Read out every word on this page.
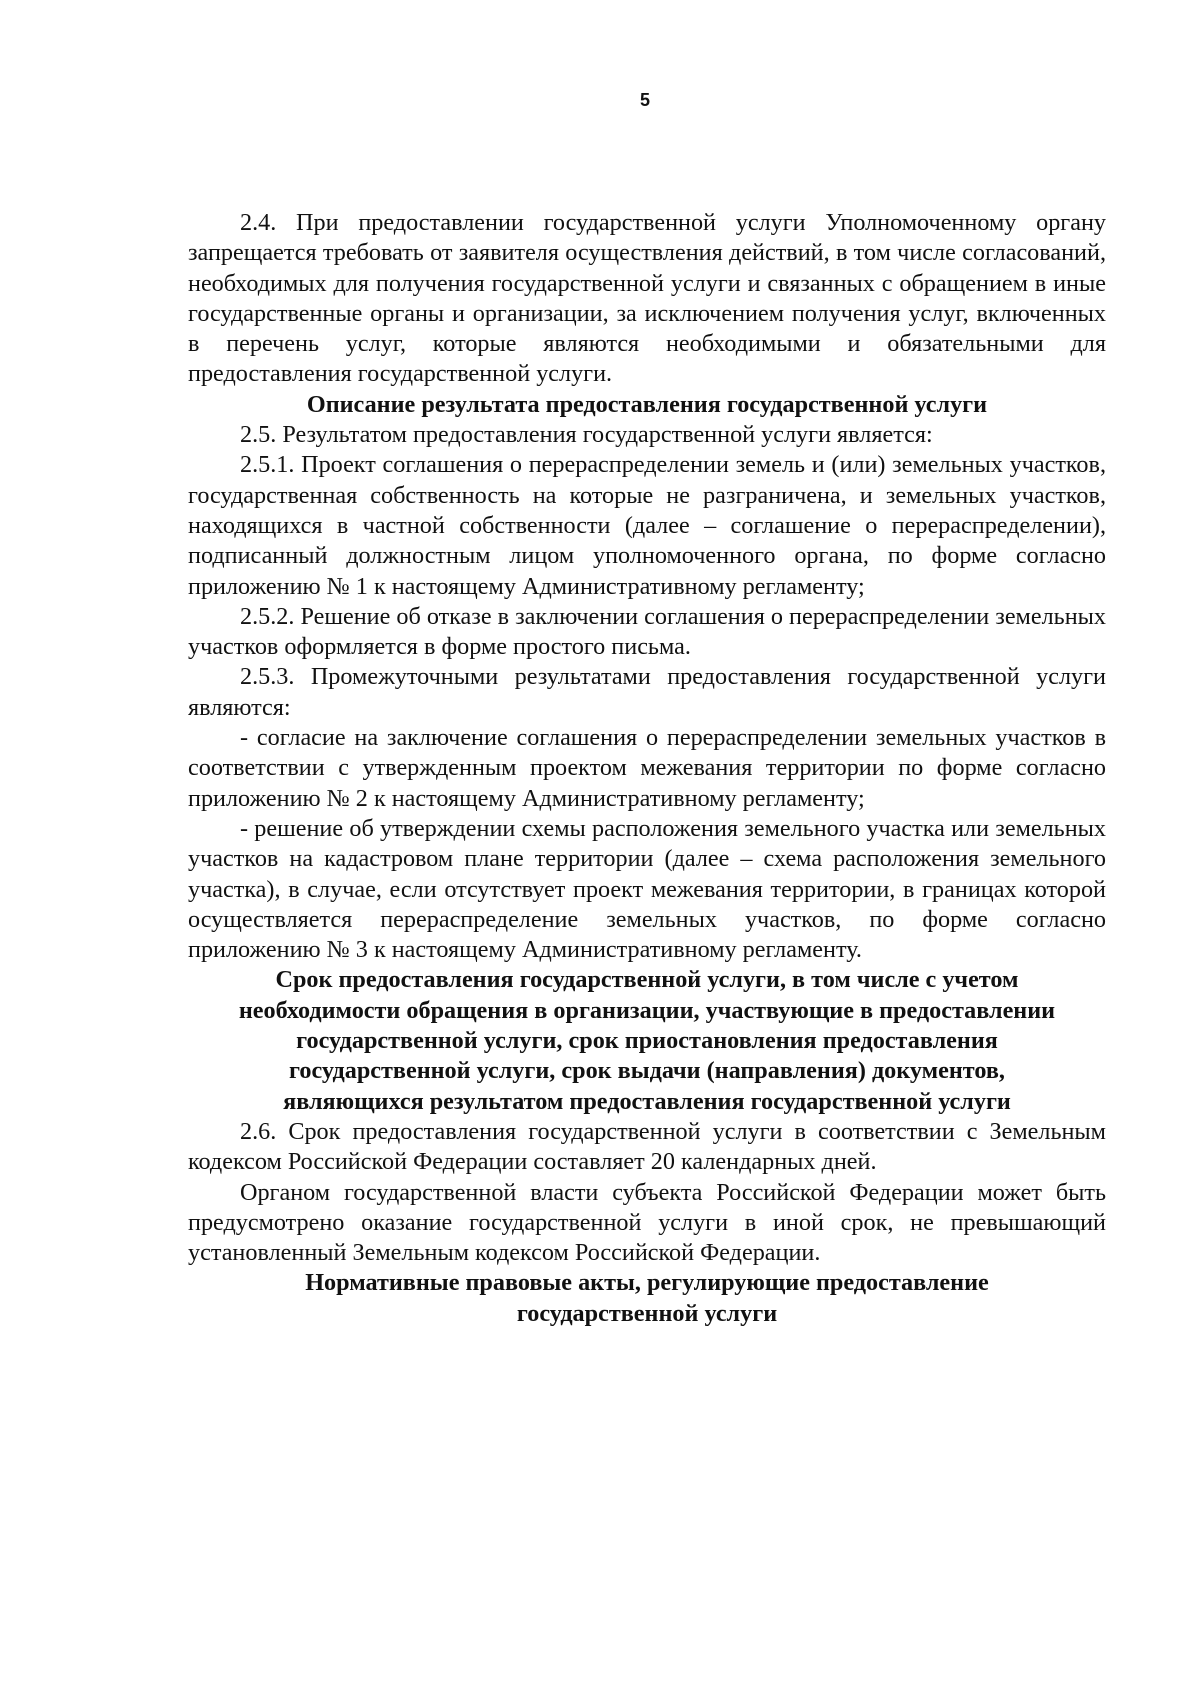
5

2.4. При предоставлении государственной услуги Уполномоченному органу запрещается требовать от заявителя осуществления действий, в том числе согласований, необходимых для получения государственной услуги и связанных с обращением в иные государственные органы и организации, за исключением получения услуг, включенных в перечень услуг, которые являются необходимыми и обязательными для предоставления государственной услуги.

Описание результата предоставления государственной услуги

2.5. Результатом предоставления государственной услуги является:

2.5.1. Проект соглашения о перераспределении земель и (или) земельных участков, государственная собственность на которые не разграничена, и земельных участков, находящихся в частной собственности (далее – соглашение о перераспределении), подписанный должностным лицом уполномоченного органа, по форме согласно приложению № 1 к настоящему Административному регламенту;

2.5.2. Решение об отказе в заключении соглашения о перераспределении земельных участков оформляется в форме простого письма.

2.5.3. Промежуточными результатами предоставления государственной услуги являются:

- согласие на заключение соглашения о перераспределении земельных участков в соответствии с утвержденным проектом межевания территории по форме согласно приложению № 2 к настоящему Административному регламенту;

- решение об утверждении схемы расположения земельного участка или земельных участков на кадастровом плане территории (далее – схема расположения земельного участка), в случае, если отсутствует проект межевания территории, в границах которой осуществляется перераспределение земельных участков, по форме согласно приложению № 3 к настоящему Административному регламенту.

Срок предоставления государственной услуги, в том числе с учетом
необходимости обращения в организации, участвующие в предоставлении
государственной услуги, срок приостановления предоставления
государственной услуги, срок выдачи (направления) документов,
являющихся результатом предоставления государственной услуги

2.6. Срок предоставления государственной услуги в соответствии с Земельным кодексом Российской Федерации составляет 20 календарных дней.

Органом государственной власти субъекта Российской Федерации может быть предусмотрено оказание государственной услуги в иной срок, не превышающий установленный Земельным кодексом Российской Федерации.

Нормативные правовые акты, регулирующие предоставление
государственной услуги
